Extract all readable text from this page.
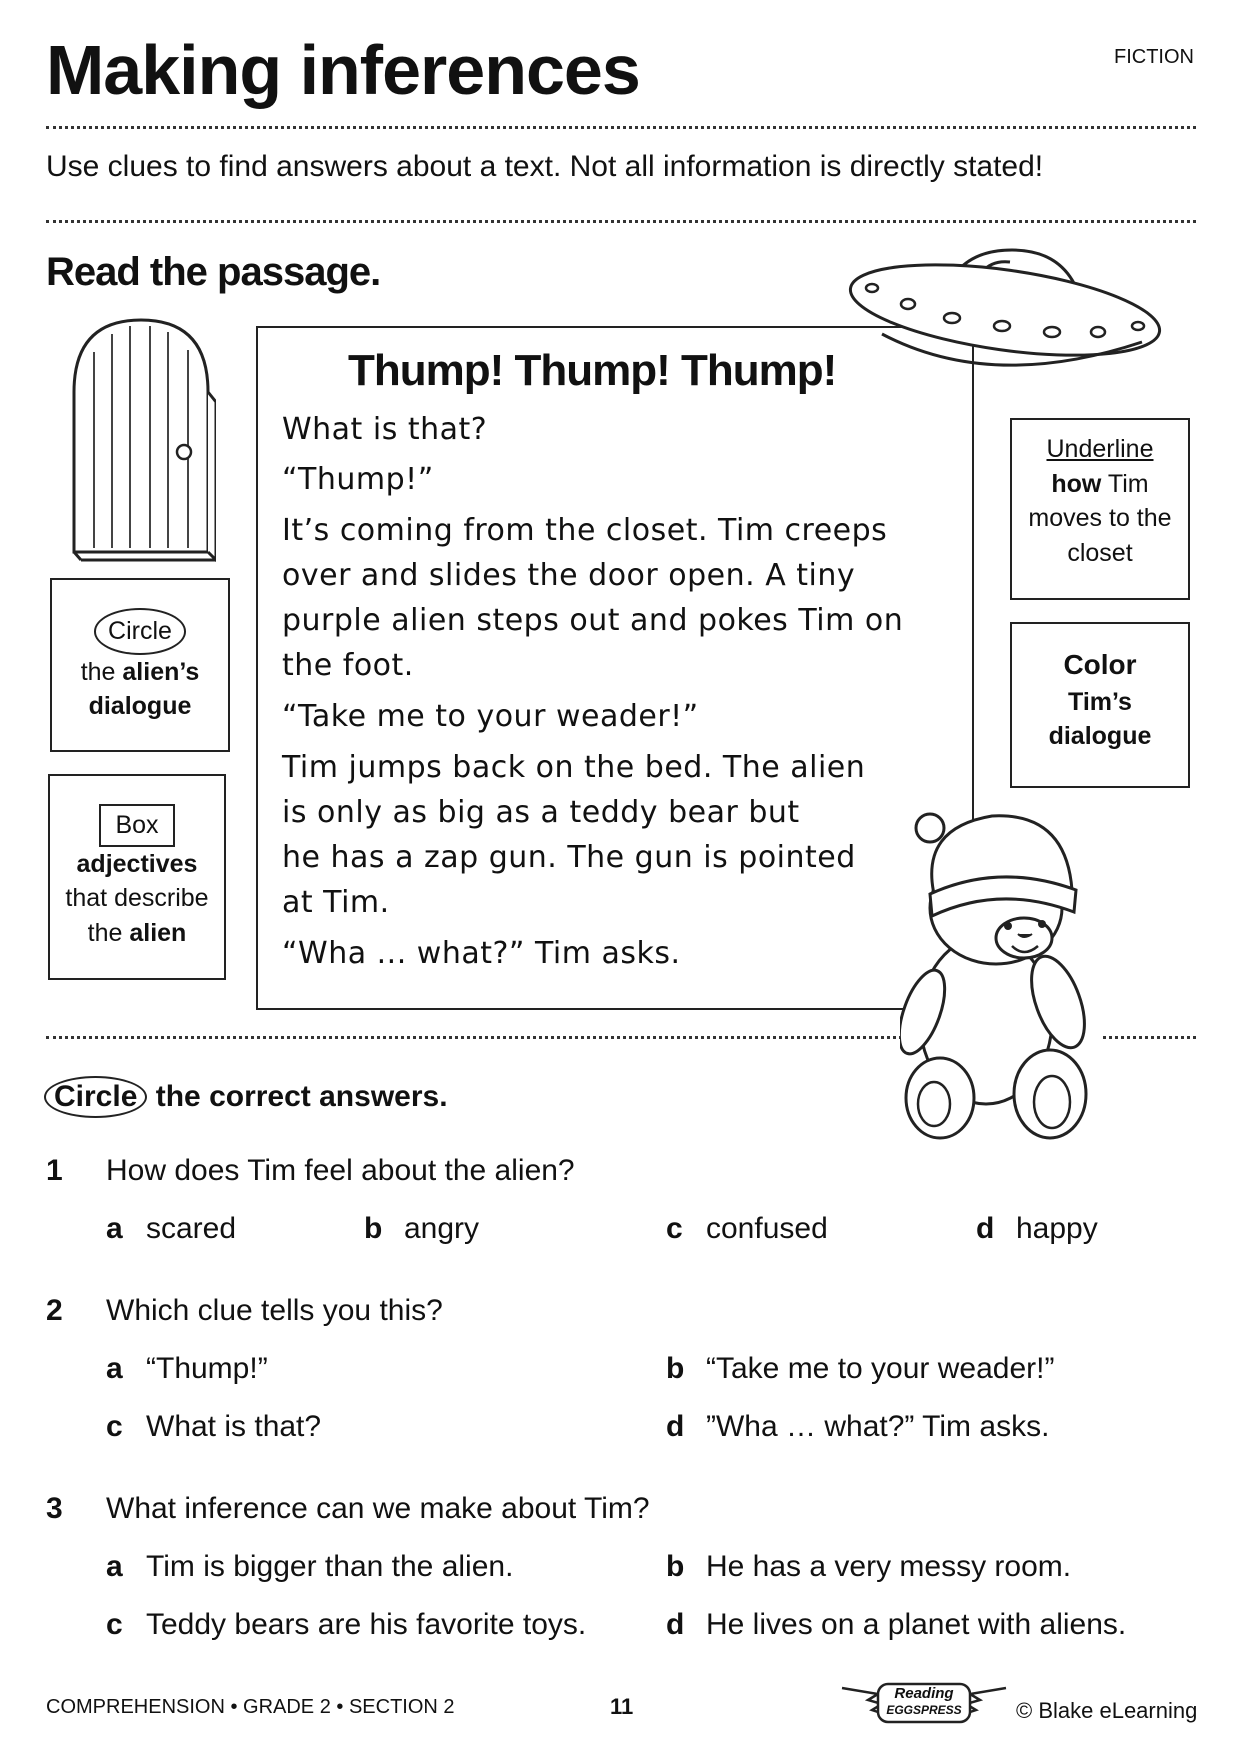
Making inferences	FICTION
Use clues to find answers about a text. Not all information is directly stated!
Read the passage.
Thump! Thump! Thump!
What is that?
“Thump!”
It’s coming from the closet. Tim creeps
over and slides the door open. A tiny
purple alien steps out and pokes Tim on
the foot.
“Take me to your weader!”
Tim jumps back on the bed. The alien
is only as big as a teddy bear but
he has a zap gun. The gun is pointed
at Tim.
“Wha ... what?” Tim asks.
Circle
the alien’s
dialogue
Box
adjectives
that describe
the alien
Underline
how Tim
moves to the
closet
Color
Tim’s
dialogue
Circle the correct answers.
1 How does Tim feel about the alien?
a scared	b angry	c confused	d happy
2 Which clue tells you this?
a “Thump!”	b “Take me to your weader!”
c What is that?	d ”Wha … what?” Tim asks.
3 What inference can we make about Tim?
a Tim is bigger than the alien.	b He has a very messy room.
c Teddy bears are his favorite toys.	d He lives on a planet with aliens.
COMPREHENSION • GRADE 2 • SECTION 2	11
Reading
EGGSPRESS	© Blake eLearning
